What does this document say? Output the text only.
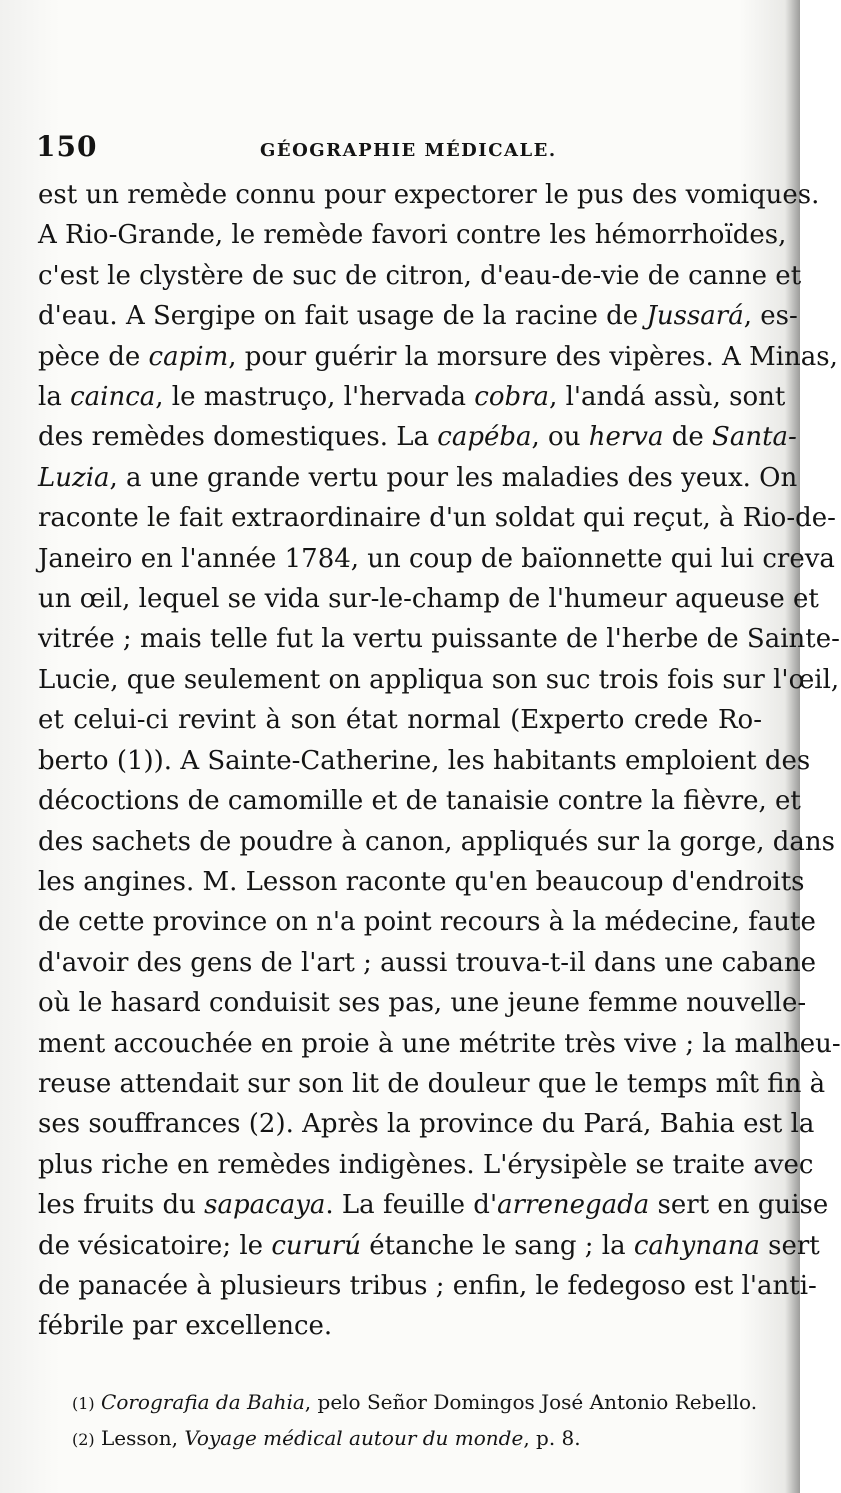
150	GÉOGRAPHIE MÉDICALE.
est un remède connu pour expectorer le pus des vomiques.
A Rio-Grande, le remède favori contre les hémorrhoïdes,
c'est le clystère de suc de citron, d'eau-de-vie de canne et
d'eau. A Sergipe on fait usage de la racine de Jussará, es-
pèce de capim, pour guérir la morsure des vipères. A Minas,
la cainca, le mastruço, l'hervada cobra, l'andá assù, sont
des remèdes domestiques. La capéba, ou herva de Santa-
Luzia, a une grande vertu pour les maladies des yeux. On
raconte le fait extraordinaire d'un soldat qui reçut, à Rio-de-
Janeiro en l'année 1784, un coup de baïonnette qui lui creva
un œil, lequel se vida sur-le-champ de l'humeur aqueuse et
vitrée ; mais telle fut la vertu puissante de l'herbe de Sainte-
Lucie, que seulement on appliqua son suc trois fois sur l'œil,
et celui-ci revint à son état normal (Experto crede Ro-
berto (1)). A Sainte-Catherine, les habitants emploient des
décoctions de camomille et de tanaisie contre la fièvre, et
des sachets de poudre à canon, appliqués sur la gorge, dans
les angines. M. Lesson raconte qu'en beaucoup d'endroits
de cette province on n'a point recours à la médecine, faute
d'avoir des gens de l'art ; aussi trouva-t-il dans une cabane
où le hasard conduisit ses pas, une jeune femme nouvelle-
ment accouchée en proie à une métrite très vive ; la malheu-
reuse attendait sur son lit de douleur que le temps mît fin à
ses souffrances (2). Après la province du Pará, Bahia est la
plus riche en remèdes indigènes. L'érysipèle se traite avec
les fruits du sapacaya. La feuille d'arrenegada sert en guise
de vésicatoire; le cururú étanche le sang ; la cahynana sert
de panacée à plusieurs tribus ; enfin, le fedegoso est l'anti-
fébrile par excellence.
(1) Corografia da Bahia, pelo Señor Domingos José Antonio Rebello.
(2) Lesson, Voyage médical autour du monde, p. 8.
